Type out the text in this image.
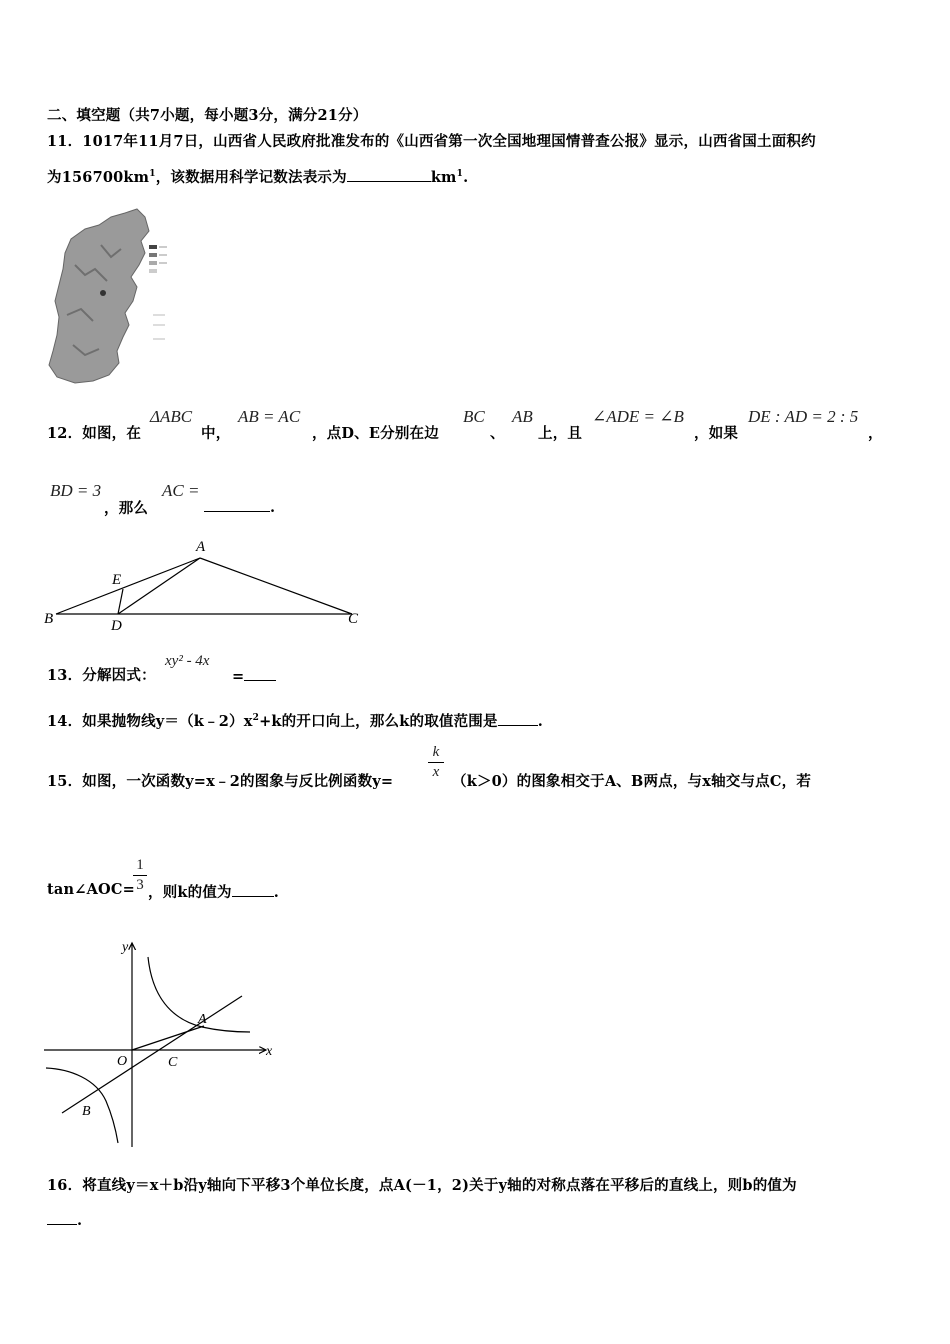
二、填空题（共7小题，每小题3分，满分21分）
11．1017年11月7日，山西省人民政府批准发布的《山西省第一次全国地理国情普查公报》显示，山西省国土面积约
为$156700km^1$，该数据用科学记数法表示为	$km^1$.
12．如图，在
ΔABC
中，
AB = AC
，点D、E分别在边
BC
、
AB
上，且
∠ADE = ∠B
，如果
DE : AD = 2 : 5
，
BD = 3
，那么
AC =
.
A
B	C
D
E
13．分解因式：
xy² - 4x
=
14．如果抛物线$y=(k﹣2)x^2+k$的开口向上，那么k的取值范围是	.
15．如图，一次函数y=x﹣2的图象与反比例函数y=
k
x
（k＞0）的图象相交于A、B两点，与x轴交与点C，若
tan∠AOC=
1
3 ，则k的值为	.
y
x
O
A
B
C
16．将直线y＝x＋b沿y轴向下平移3个单位长度，点A(－1，2)关于y轴的对称点落在平移后的直线上，则b的值为
.
